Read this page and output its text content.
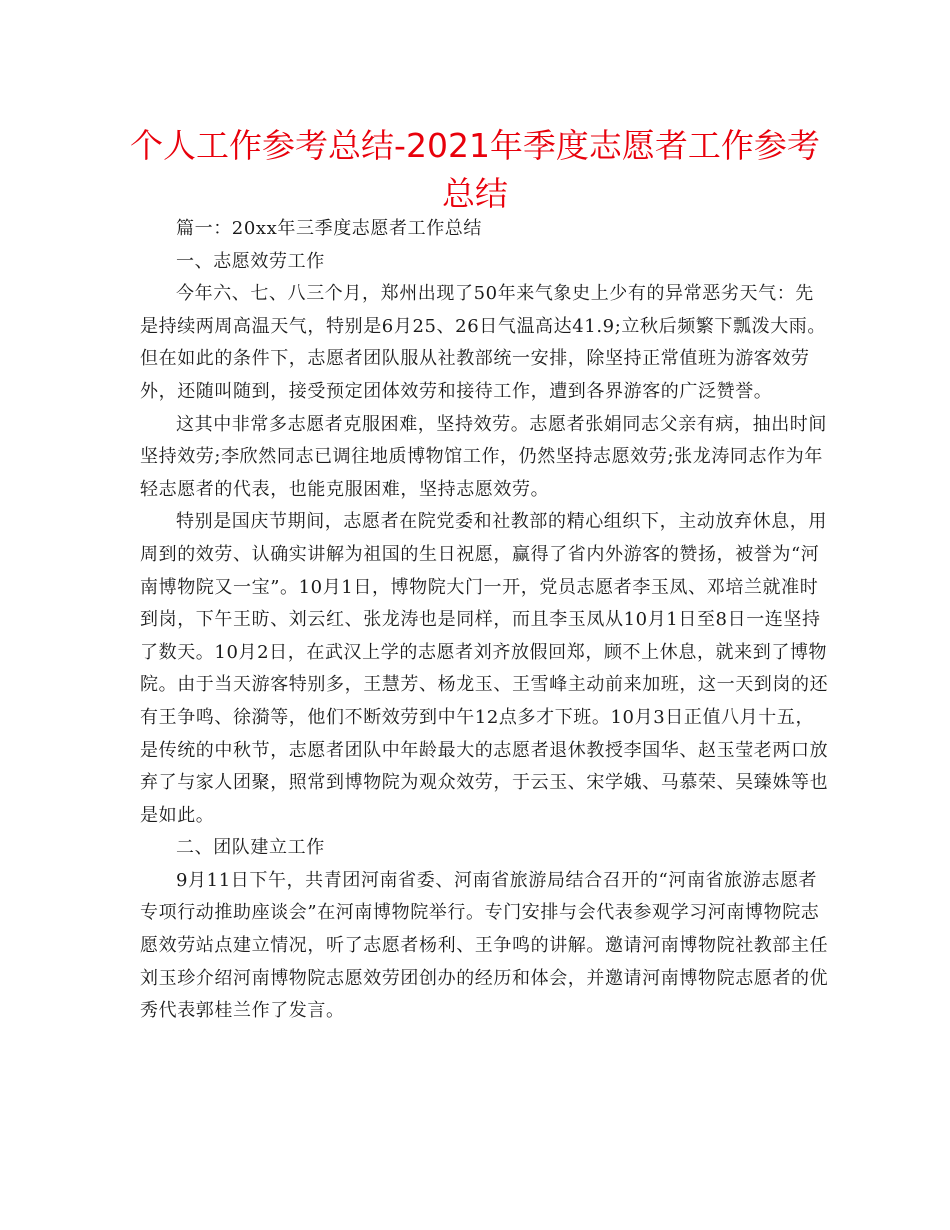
个人工作参考总结-2021年季度志愿者工作参考总结

篇一：20xx年三季度志愿者工作总结

一、志愿效劳工作

今年六、七、八三个月，郑州出现了50年来气象史上少有的异常恶劣天气：先是持续两周高温天气，特别是6月25、26日气温高达41.9;立秋后频繁下瓢泼大雨。但在如此的条件下，志愿者团队服从社教部统一安排，除坚持正常值班为游客效劳外，还随叫随到，接受预定团体效劳和接待工作，遭到各界游客的广泛赞誉。

这其中非常多志愿者克服困难，坚持效劳。志愿者张娟同志父亲有病，抽出时间坚持效劳;李欣然同志已调往地质博物馆工作，仍然坚持志愿效劳;张龙涛同志作为年轻志愿者的代表，也能克服困难，坚持志愿效劳。

特别是国庆节期间，志愿者在院党委和社教部的精心组织下，主动放弃休息，用周到的效劳、认确实讲解为祖国的生日祝愿，赢得了省内外游客的赞扬，被誉为“河南博物院又一宝”。10月1日，博物院大门一开，党员志愿者李玉凤、邓培兰就准时到岗，下午王昉、刘云红、张龙涛也是同样，而且李玉凤从10月1日至8日一连坚持了数天。10月2日，在武汉上学的志愿者刘齐放假回郑，顾不上休息，就来到了博物院。由于当天游客特别多，王慧芳、杨龙玉、王雪峰主动前来加班，这一天到岗的还有王争鸣、徐漪等，他们不断效劳到中午12点多才下班。10月3日正值八月十五，是传统的中秋节，志愿者团队中年龄最大的志愿者退休教授李国华、赵玉莹老两口放弃了与家人团聚，照常到博物院为观众效劳，于云玉、宋学娥、马慕荣、吴臻姝等也是如此。

二、团队建立工作

9月11日下午，共青团河南省委、河南省旅游局结合召开的“河南省旅游志愿者专项行动推助座谈会”在河南博物院举行。专门安排与会代表参观学习河南博物院志愿效劳站点建立情况，听了志愿者杨利、王争鸣的讲解。邀请河南博物院社教部主任刘玉珍介绍河南博物院志愿效劳团创办的经历和体会，并邀请河南博物院志愿者的优秀代表郭桂兰作了发言。
